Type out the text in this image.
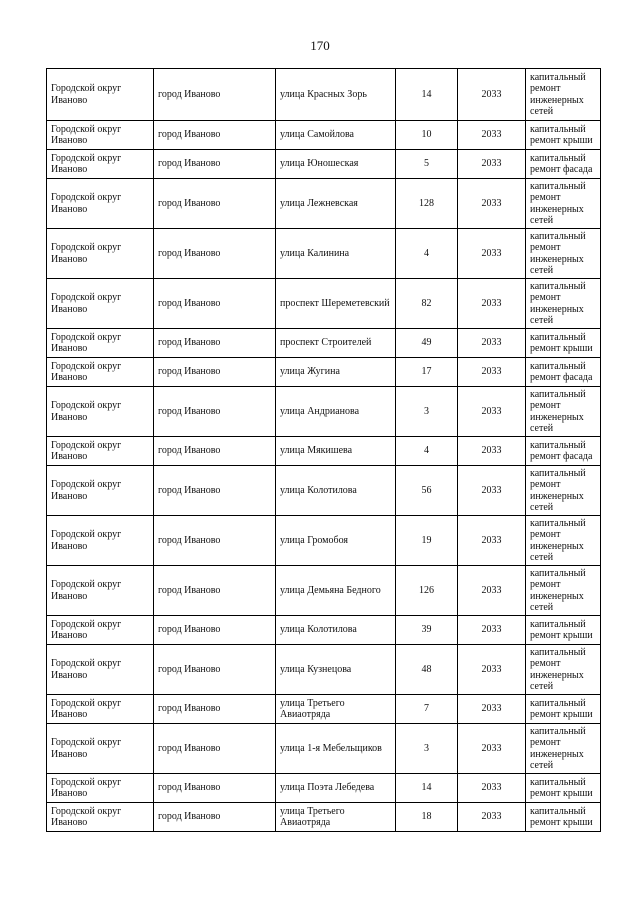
170
Городской округ Иваново	город Иваново	улица Красных Зорь	14	2033	капитальный ремонт инженерных сетей
Городской округ Иваново	город Иваново	улица Самойлова	10	2033	капитальный ремонт крыши
Городской округ Иваново	город Иваново	улица Юношеская	5	2033	капитальный ремонт фасада
Городской округ Иваново	город Иваново	улица Лежневская	128	2033	капитальный ремонт инженерных сетей
Городской округ Иваново	город Иваново	улица Калинина	4	2033	капитальный ремонт инженерных сетей
Городской округ Иваново	город Иваново	проспект Шереметевский	82	2033	капитальный ремонт инженерных сетей
Городской округ Иваново	город Иваново	проспект Строителей	49	2033	капитальный ремонт крыши
Городской округ Иваново	город Иваново	улица Жугина	17	2033	капитальный ремонт фасада
Городской округ Иваново	город Иваново	улица Андрианова	3	2033	капитальный ремонт инженерных сетей
Городской округ Иваново	город Иваново	улица Мякишева	4	2033	капитальный ремонт фасада
Городской округ Иваново	город Иваново	улица Колотилова	56	2033	капитальный ремонт инженерных сетей
Городской округ Иваново	город Иваново	улица Громобоя	19	2033	капитальный ремонт инженерных сетей
Городской округ Иваново	город Иваново	улица Демьяна Бедного	126	2033	капитальный ремонт инженерных сетей
Городской округ Иваново	город Иваново	улица Колотилова	39	2033	капитальный ремонт крыши
Городской округ Иваново	город Иваново	улица Кузнецова	48	2033	капитальный ремонт инженерных сетей
Городской округ Иваново	город Иваново	улица Третьего Авиаотряда	7	2033	капитальный ремонт крыши
Городской округ Иваново	город Иваново	улица 1-я Мебельщиков	3	2033	капитальный ремонт инженерных сетей
Городской округ Иваново	город Иваново	улица Поэта Лебедева	14	2033	капитальный ремонт крыши
Городской округ Иваново	город Иваново	улица Третьего Авиаотряда	18	2033	капитальный ремонт крыши
